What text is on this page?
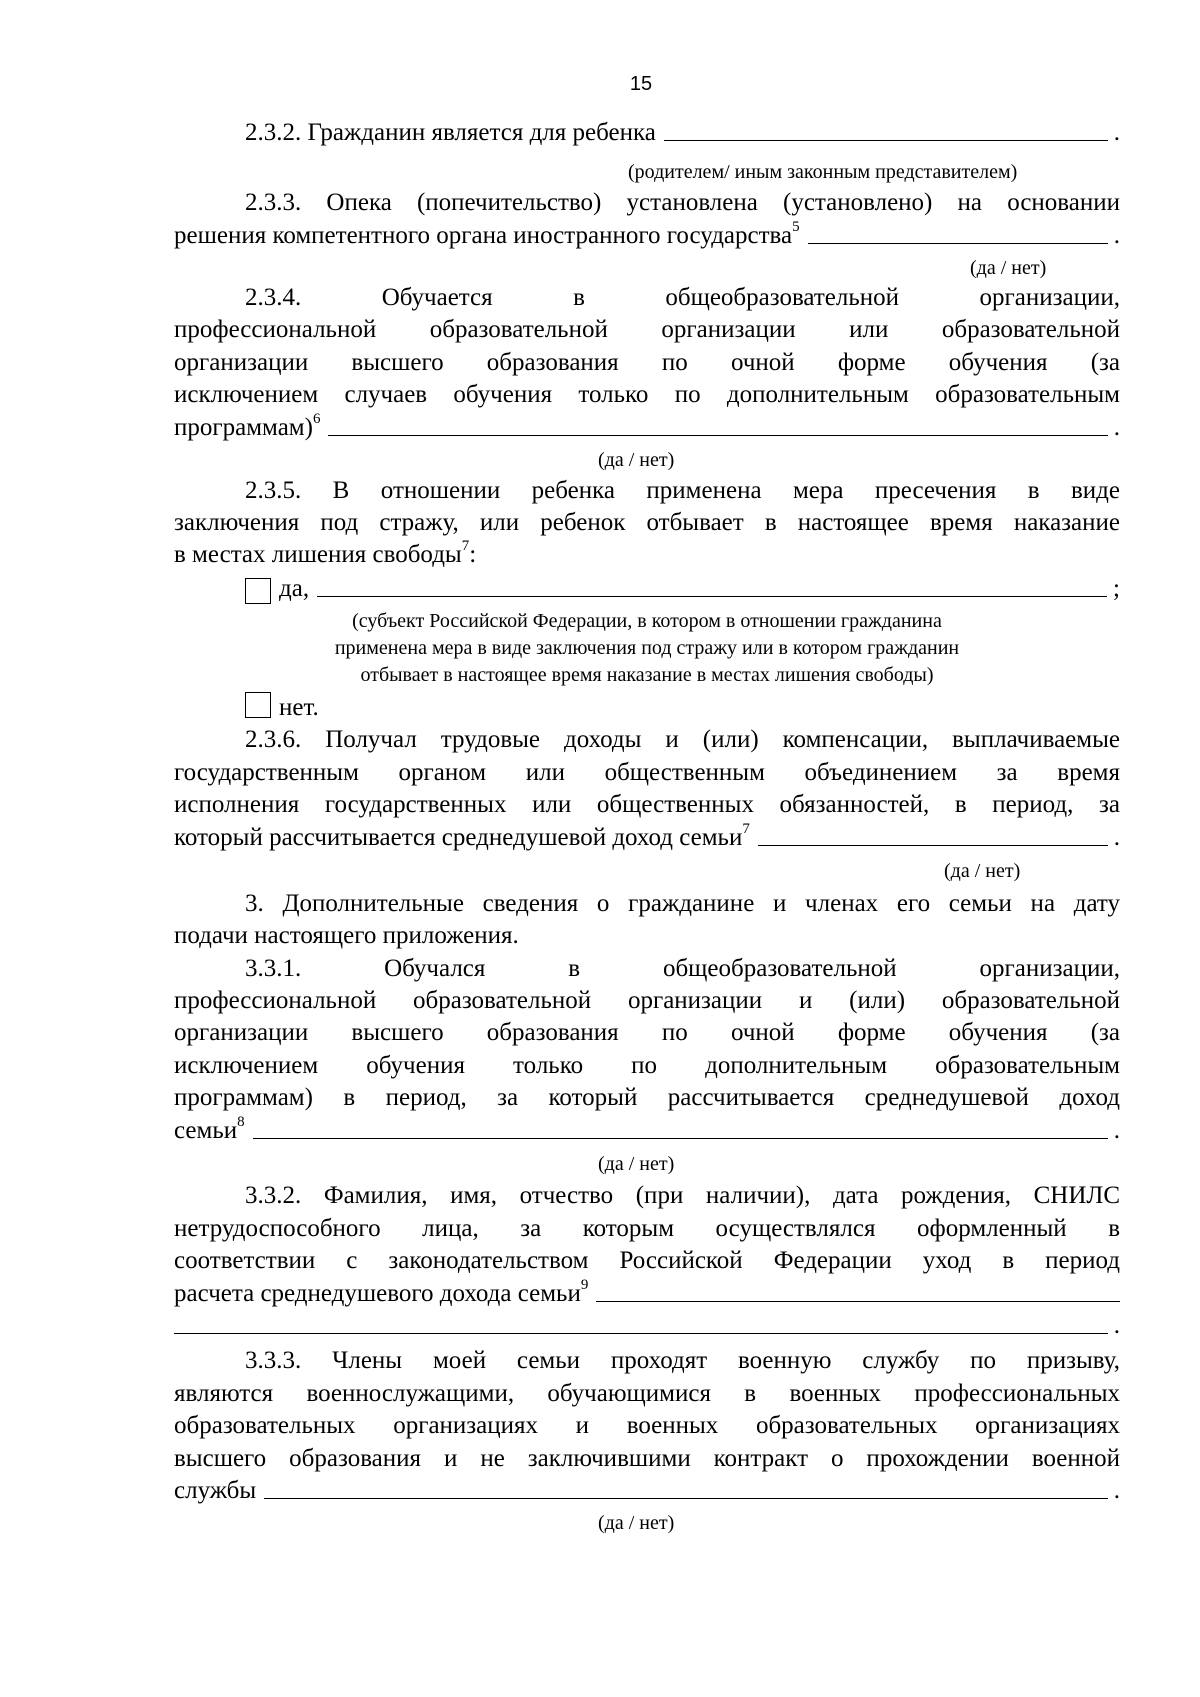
15
2.3.2. Гражданин является для ребенка	.
(родителем/ иным законным представителем)
2.3.3. Опека (попечительство) установлена (установлено) на основании
решения компетентного органа иностранного государства$^5$	.
(да / нет)
2.3.4.	Обучается	в	общеобразовательной	организации,
профессиональной образовательной организации или образовательной
организации высшего образования по очной форме обучения (за
исключением случаев обучения только по дополнительным образовательным
программам)$^6$	.
(да / нет)
2.3.5. В отношении ребенка применена мера пресечения в виде
заключения под стражу, или ребенок отбывает в настоящее время наказание
в местах лишения свободы$^7$:
да,	;
(субъект Российской Федерации, в котором в отношении гражданина
применена мера в виде заключения под стражу или в котором гражданин
отбывает в настоящее время наказание в местах лишения свободы)
нет.
2.3.6. Получал трудовые доходы и (или) компенсации, выплачиваемые
государственным органом или общественным объединением за время
исполнения государственных или общественных обязанностей, в период, за
который рассчитывается среднедушевой доход семьи$^7$	.
(да / нет)
3. Дополнительные сведения о гражданине и членах его семьи на дату
подачи настоящего приложения.
3.3.1.	Обучался	в	общеобразовательной	организации,
профессиональной образовательной организации и (или) образовательной
организации высшего образования по очной форме обучения (за
исключением обучения только по дополнительным образовательным
программам) в период, за который рассчитывается среднедушевой доход
семьи$^8$	.
(да / нет)
3.3.2. Фамилия, имя, отчество (при наличии), дата рождения, СНИЛС
нетрудоспособного лица, за которым осуществлялся оформленный в
соответствии с законодательством Российской Федерации уход в период
расчета среднедушевого дохода семьи$^9$
.
3.3.3. Члены моей семьи проходят военную службу по призыву,
являются военнослужащими, обучающимися в военных профессиональных
образовательных организациях и военных образовательных организациях
высшего образования и не заключившими контракт о прохождении военной
службы	.
(да / нет)
